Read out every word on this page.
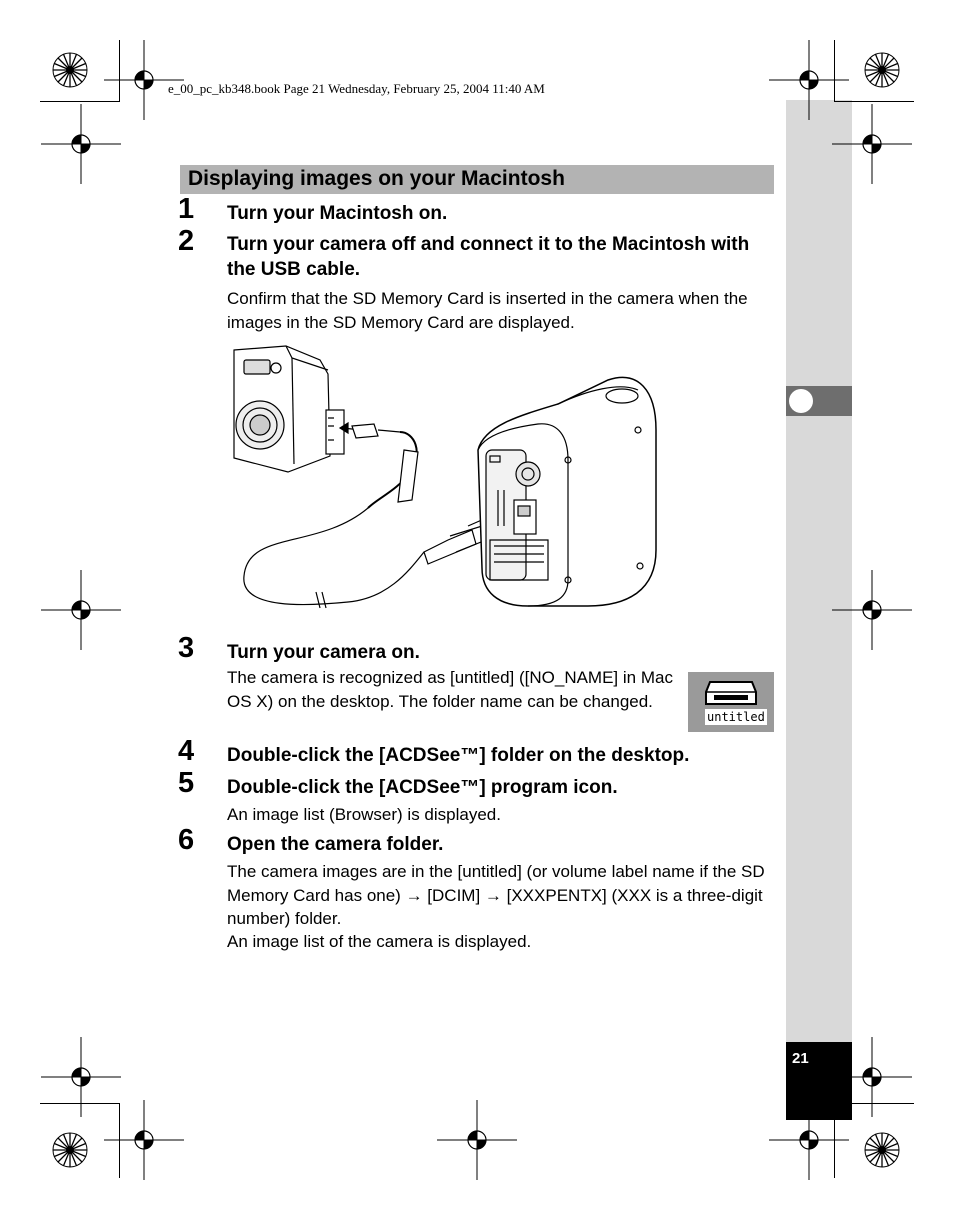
21
e_00_pc_kb348.book Page 21 Wednesday, February 25, 2004 11:40 AM
Displaying images on your Macintosh
1 Turn your Macintosh on.
2 Turn your camera off and connect it to the Macintosh with the USB cable.
Confirm that the SD Memory Card is inserted in the camera when the images in the SD Memory Card are displayed.
3 Turn your camera on.
The camera is recognized as [untitled] ([NO_NAME] in Mac OS X) on the desktop. The folder name can be changed.
untitled
4 Double-click the [ACDSee™] folder on the desktop.
5 Double-click the [ACDSee™] program icon.
An image list (Browser) is displayed.
6 Open the camera folder.
The camera images are in the [untitled] (or volume label name if the SD Memory Card has one) → [DCIM] → [XXXPENTX] (XXX is a three-digit number) folder.
An image list of the camera is displayed.
